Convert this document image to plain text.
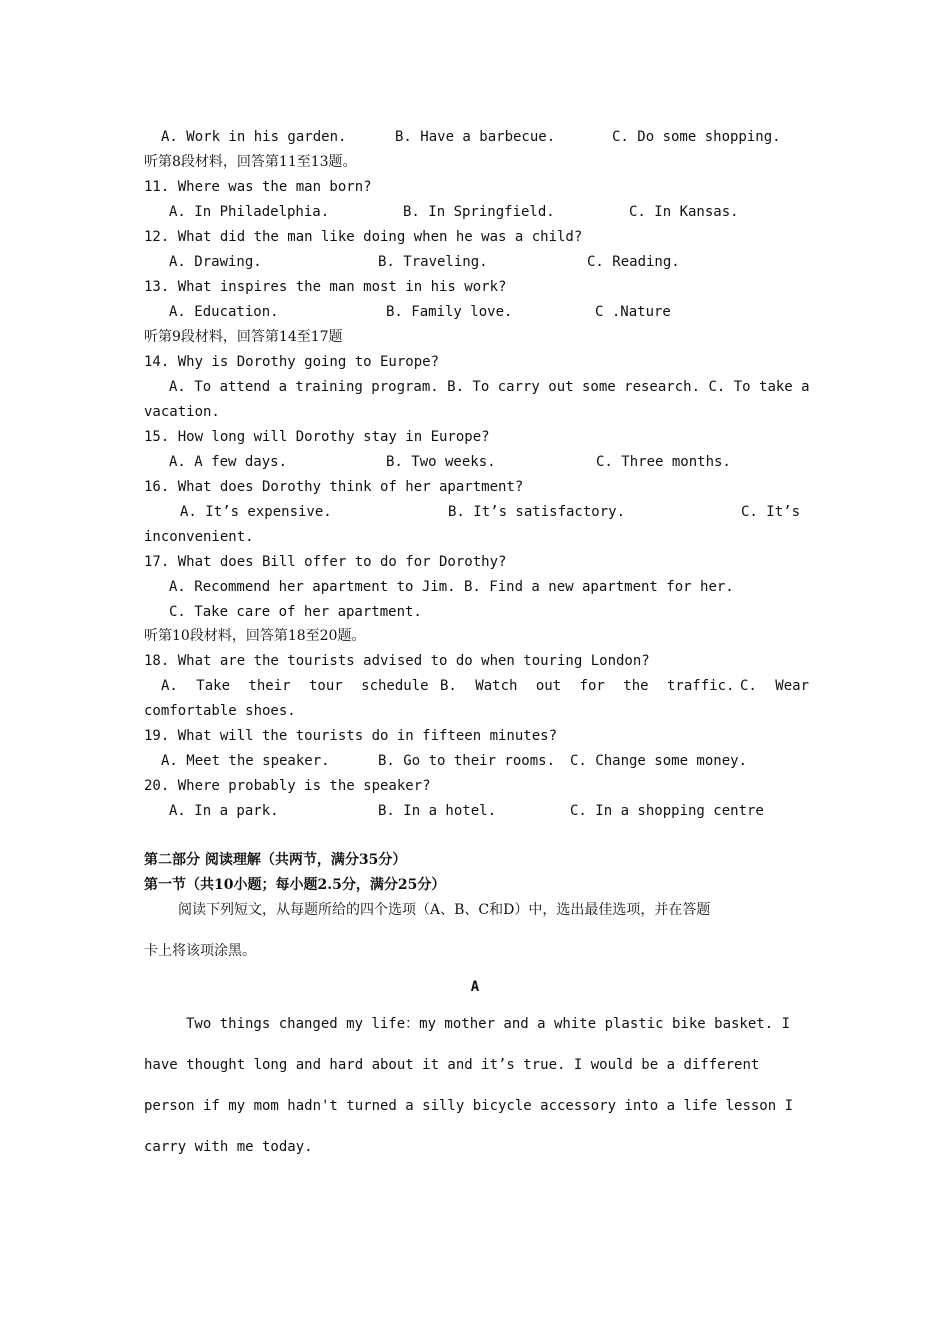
A. Work in his garden.	B. Have a barbecue.	C. Do some shopping.
听第8段材料，回答第11至13题。
11. Where was the man born?
A. In Philadelphia.	B. In Springfield.	C. In Kansas.
12. What did the man like doing when he was a child?
A. Drawing.	B. Traveling.	C. Reading.
13. What inspires the man most in his work?
A. Education.	B. Family love.	C .Nature
听第9段材料，回答第14至17题
14. Why is Dorothy going to Europe?
A. To attend a training program. B. To carry out some research. C. To take a
vacation.
15. How long will Dorothy stay in Europe?
A. A few days.	B. Two weeks.	C. Three months.
16. What does Dorothy think of her apartment?
A. It’s expensive.	B. It’s satisfactory.	C. It’s
inconvenient.
17. What does Bill offer to do for Dorothy?
A. Recommend her apartment to Jim. B. Find a new apartment for her.
C. Take care of her apartment.
听第10段材料，回答第18至20题。
18. What are the tourists advised to do when touring London?
A. Take their tour schedule B. Watch out for the traffic. C. Wear
comfortable shoes.
19. What will the tourists do in fifteen minutes?
A. Meet the speaker.	B. Go to their rooms. C. Change some money.
20. Where probably is the speaker?
A. In a park.	B. In a hotel.	C. In a shopping centre
第二部分 阅读理解（共两节，满分35分）
第一节（共10小题；每小题2.5分，满分25分）
阅读下列短文，从每题所给的四个选项（A、B、C和D）中，选出最佳选项，并在答题
卡上将该项涂黑。
A
Two things changed my life：my mother and a white plastic bike basket. I
have thought long and hard about it and it’s true. I would be a different
person if my mom hadn't turned a silly bicycle accessory into a life lesson I
carry with me today.
